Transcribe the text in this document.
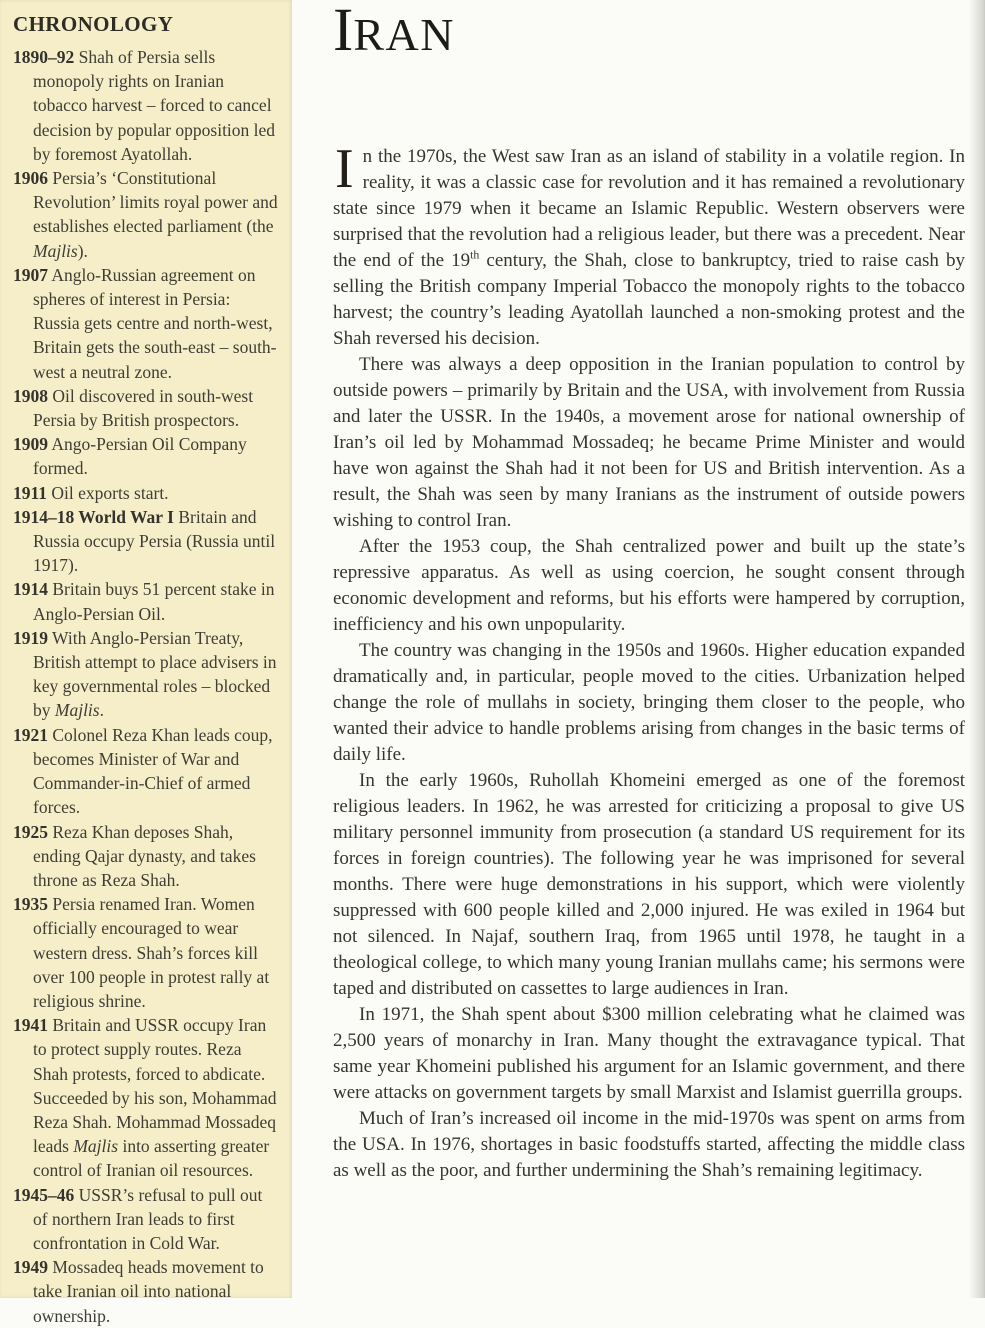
CHRONOLOGY
1890–92 Shah of Persia sells monopoly rights on Iranian tobacco harvest – forced to cancel decision by popular opposition led by foremost Ayatollah.
1906 Persia’s ‘Constitutional Revolution’ limits royal power and establishes elected parliament (the Majlis).
1907 Anglo-Russian agreement on spheres of interest in Persia: Russia gets centre and north-west, Britain gets the south-east – south-west a neutral zone.
1908 Oil discovered in south-west Persia by British prospectors.
1909 Ango-Persian Oil Company formed.
1911 Oil exports start.
1914–18 World War I Britain and Russia occupy Persia (Russia until 1917).
1914 Britain buys 51 percent stake in Anglo-Persian Oil.
1919 With Anglo-Persian Treaty, British attempt to place advisers in key governmental roles – blocked by Majlis.
1921 Colonel Reza Khan leads coup, becomes Minister of War and Commander-in-Chief of armed forces.
1925 Reza Khan deposes Shah, ending Qajar dynasty, and takes throne as Reza Shah.
1935 Persia renamed Iran. Women officially encouraged to wear western dress. Shah’s forces kill over 100 people in protest rally at religious shrine.
1941 Britain and USSR occupy Iran to protect supply routes. Reza Shah protests, forced to abdicate. Succeeded by his son, Mohammad Reza Shah. Mohammad Mossadeq leads Majlis into asserting greater control of Iranian oil resources.
1945–46 USSR’s refusal to pull out of northern Iran leads to first confrontation in Cold War.
1949 Mossadeq heads movement to take Iranian oil into national ownership.
IRAN

In the 1970s, the West saw Iran as an island of stability in a volatile region. In reality, it was a classic case for revolution and it has remained a revolutionary state since 1979 when it became an Islamic Republic. Western observers were surprised that the revolution had a religious leader, but there was a precedent. Near the end of the 19th century, the Shah, close to bankruptcy, tried to raise cash by selling the British company Imperial Tobacco the monopoly rights to the tobacco harvest; the country’s leading Ayatollah launched a non-smoking protest and the Shah reversed his decision.

There was always a deep opposition in the Iranian population to control by outside powers – primarily by Britain and the USA, with involvement from Russia and later the USSR. In the 1940s, a movement arose for national ownership of Iran’s oil led by Mohammad Mossadeq; he became Prime Minister and would have won against the Shah had it not been for US and British intervention. As a result, the Shah was seen by many Iranians as the instrument of outside powers wishing to control Iran.

After the 1953 coup, the Shah centralized power and built up the state’s repressive apparatus. As well as using coercion, he sought consent through economic development and reforms, but his efforts were hampered by corruption, inefficiency and his own unpopularity.

The country was changing in the 1950s and 1960s. Higher education expanded dramatically and, in particular, people moved to the cities. Urbanization helped change the role of mullahs in society, bringing them closer to the people, who wanted their advice to handle problems arising from changes in the basic terms of daily life.

In the early 1960s, Ruhollah Khomeini emerged as one of the foremost religious leaders. In 1962, he was arrested for criticizing a proposal to give US military personnel immunity from prosecution (a standard US requirement for its forces in foreign countries). The following year he was imprisoned for several months. There were huge demonstrations in his support, which were violently suppressed with 600 people killed and 2,000 injured. He was exiled in 1964 but not silenced. In Najaf, southern Iraq, from 1965 until 1978, he taught in a theological college, to which many young Iranian mullahs came; his sermons were taped and distributed on cassettes to large audiences in Iran.

In 1971, the Shah spent about $300 million celebrating what he claimed was 2,500 years of monarchy in Iran. Many thought the extravagance typical. That same year Khomeini published his argument for an Islamic government, and there were attacks on government targets by small Marxist and Islamist guerrilla groups.

Much of Iran’s increased oil income in the mid-1970s was spent on arms from the USA. In 1976, shortages in basic foodstuffs started, affecting the middle class as well as the poor, and further undermining the Shah’s remaining legitimacy.
